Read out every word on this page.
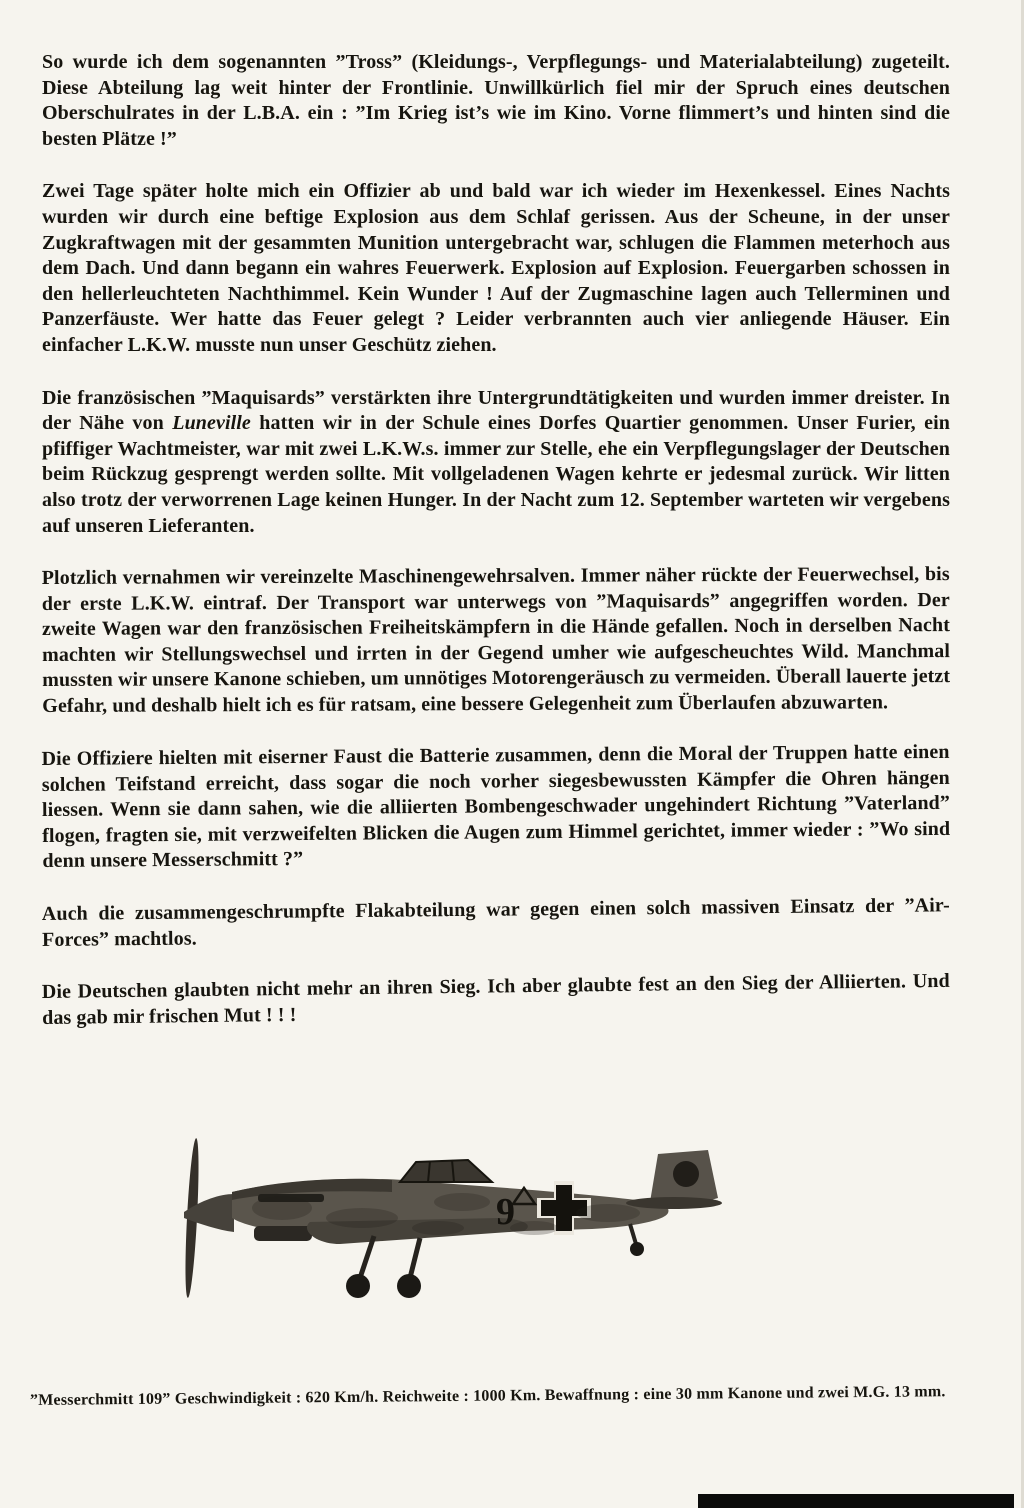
So wurde ich dem sogenannten ”Tross” (Kleidungs-, Verpflegungs- und Materialabteilung) zugeteilt. Diese Abteilung lag weit hinter der Frontlinie. Unwillkürlich fiel mir der Spruch eines deutschen Oberschulrates in der L.B.A. ein : ”Im Krieg ist’s wie im Kino. Vorne flimmert’s und hinten sind die besten Plätze !”

Zwei Tage später holte mich ein Offizier ab und bald war ich wieder im Hexenkessel. Eines Nachts wurden wir durch eine beftige Explosion aus dem Schlaf gerissen. Aus der Scheune, in der unser Zugkraftwagen mit der gesammten Munition untergebracht war, schlugen die Flammen meterhoch aus dem Dach. Und dann begann ein wahres Feuerwerk. Explosion auf Explosion. Feuergarben schossen in den hellerleuchteten Nachthimmel. Kein Wunder ! Auf der Zugmaschine lagen auch Tellerminen und Panzerfäuste. Wer hatte das Feuer gelegt ? Leider verbrannten auch vier anliegende Häuser. Ein einfacher L.K.W. musste nun unser Geschütz ziehen.

Die französischen ”Maquisards” verstärkten ihre Untergrundtätigkeiten und wurden immer dreister. In der Nähe von Luneville hatten wir in der Schule eines Dorfes Quartier genommen. Unser Furier, ein pfiffiger Wachtmeister, war mit zwei L.K.W.s. immer zur Stelle, ehe ein Verpflegungslager der Deutschen beim Rückzug gesprengt werden sollte. Mit vollgeladenen Wagen kehrte er jedesmal zurück. Wir litten also trotz der verworrenen Lage keinen Hunger. In der Nacht zum 12. September warteten wir vergebens auf unseren Lieferanten.

Plotzlich vernahmen wir vereinzelte Maschinengewehrsalven. Immer näher rückte der Feuerwechsel, bis der erste L.K.W. eintraf. Der Transport war unterwegs von ”Maquisards” angegriffen worden. Der zweite Wagen war den französischen Freiheitskämpfern in die Hände gefallen. Noch in derselben Nacht machten wir Stellungswechsel und irrten in der Gegend umher wie aufgescheuchtes Wild. Manchmal mussten wir unsere Kanone schieben, um unnötiges Motorengeräusch zu vermeiden. Überall lauerte jetzt Gefahr, und deshalb hielt ich es für ratsam, eine bessere Gelegenheit zum Überlaufen abzuwarten.

Die Offiziere hielten mit eiserner Faust die Batterie zusammen, denn die Moral der Truppen hatte einen solchen Teifstand erreicht, dass sogar die noch vorher siegesbewussten Kämpfer die Ohren hängen liessen. Wenn sie dann sahen, wie die alliierten Bombengeschwader ungehindert Richtung ”Vaterland” flogen, fragten sie, mit verzweifelten Blicken die Augen zum Himmel gerichtet, immer wieder : ”Wo sind denn unsere Messerschmitt ?”

Auch die zusammengeschrumpfte Flakabteilung war gegen einen solch massiven Einsatz der ”Air-Forces” machtlos.

Die Deutschen glaubten nicht mehr an ihren Sieg. Ich aber glaubte fest an den Sieg der Alliierten. Und das gab mir frischen Mut ! ! !

9
”Messerchmitt 109” Geschwindigkeit : 620 Km/h. Reichweite : 1000 Km. Bewaffnung : eine 30 mm Kanone und zwei M.G. 13 mm.
